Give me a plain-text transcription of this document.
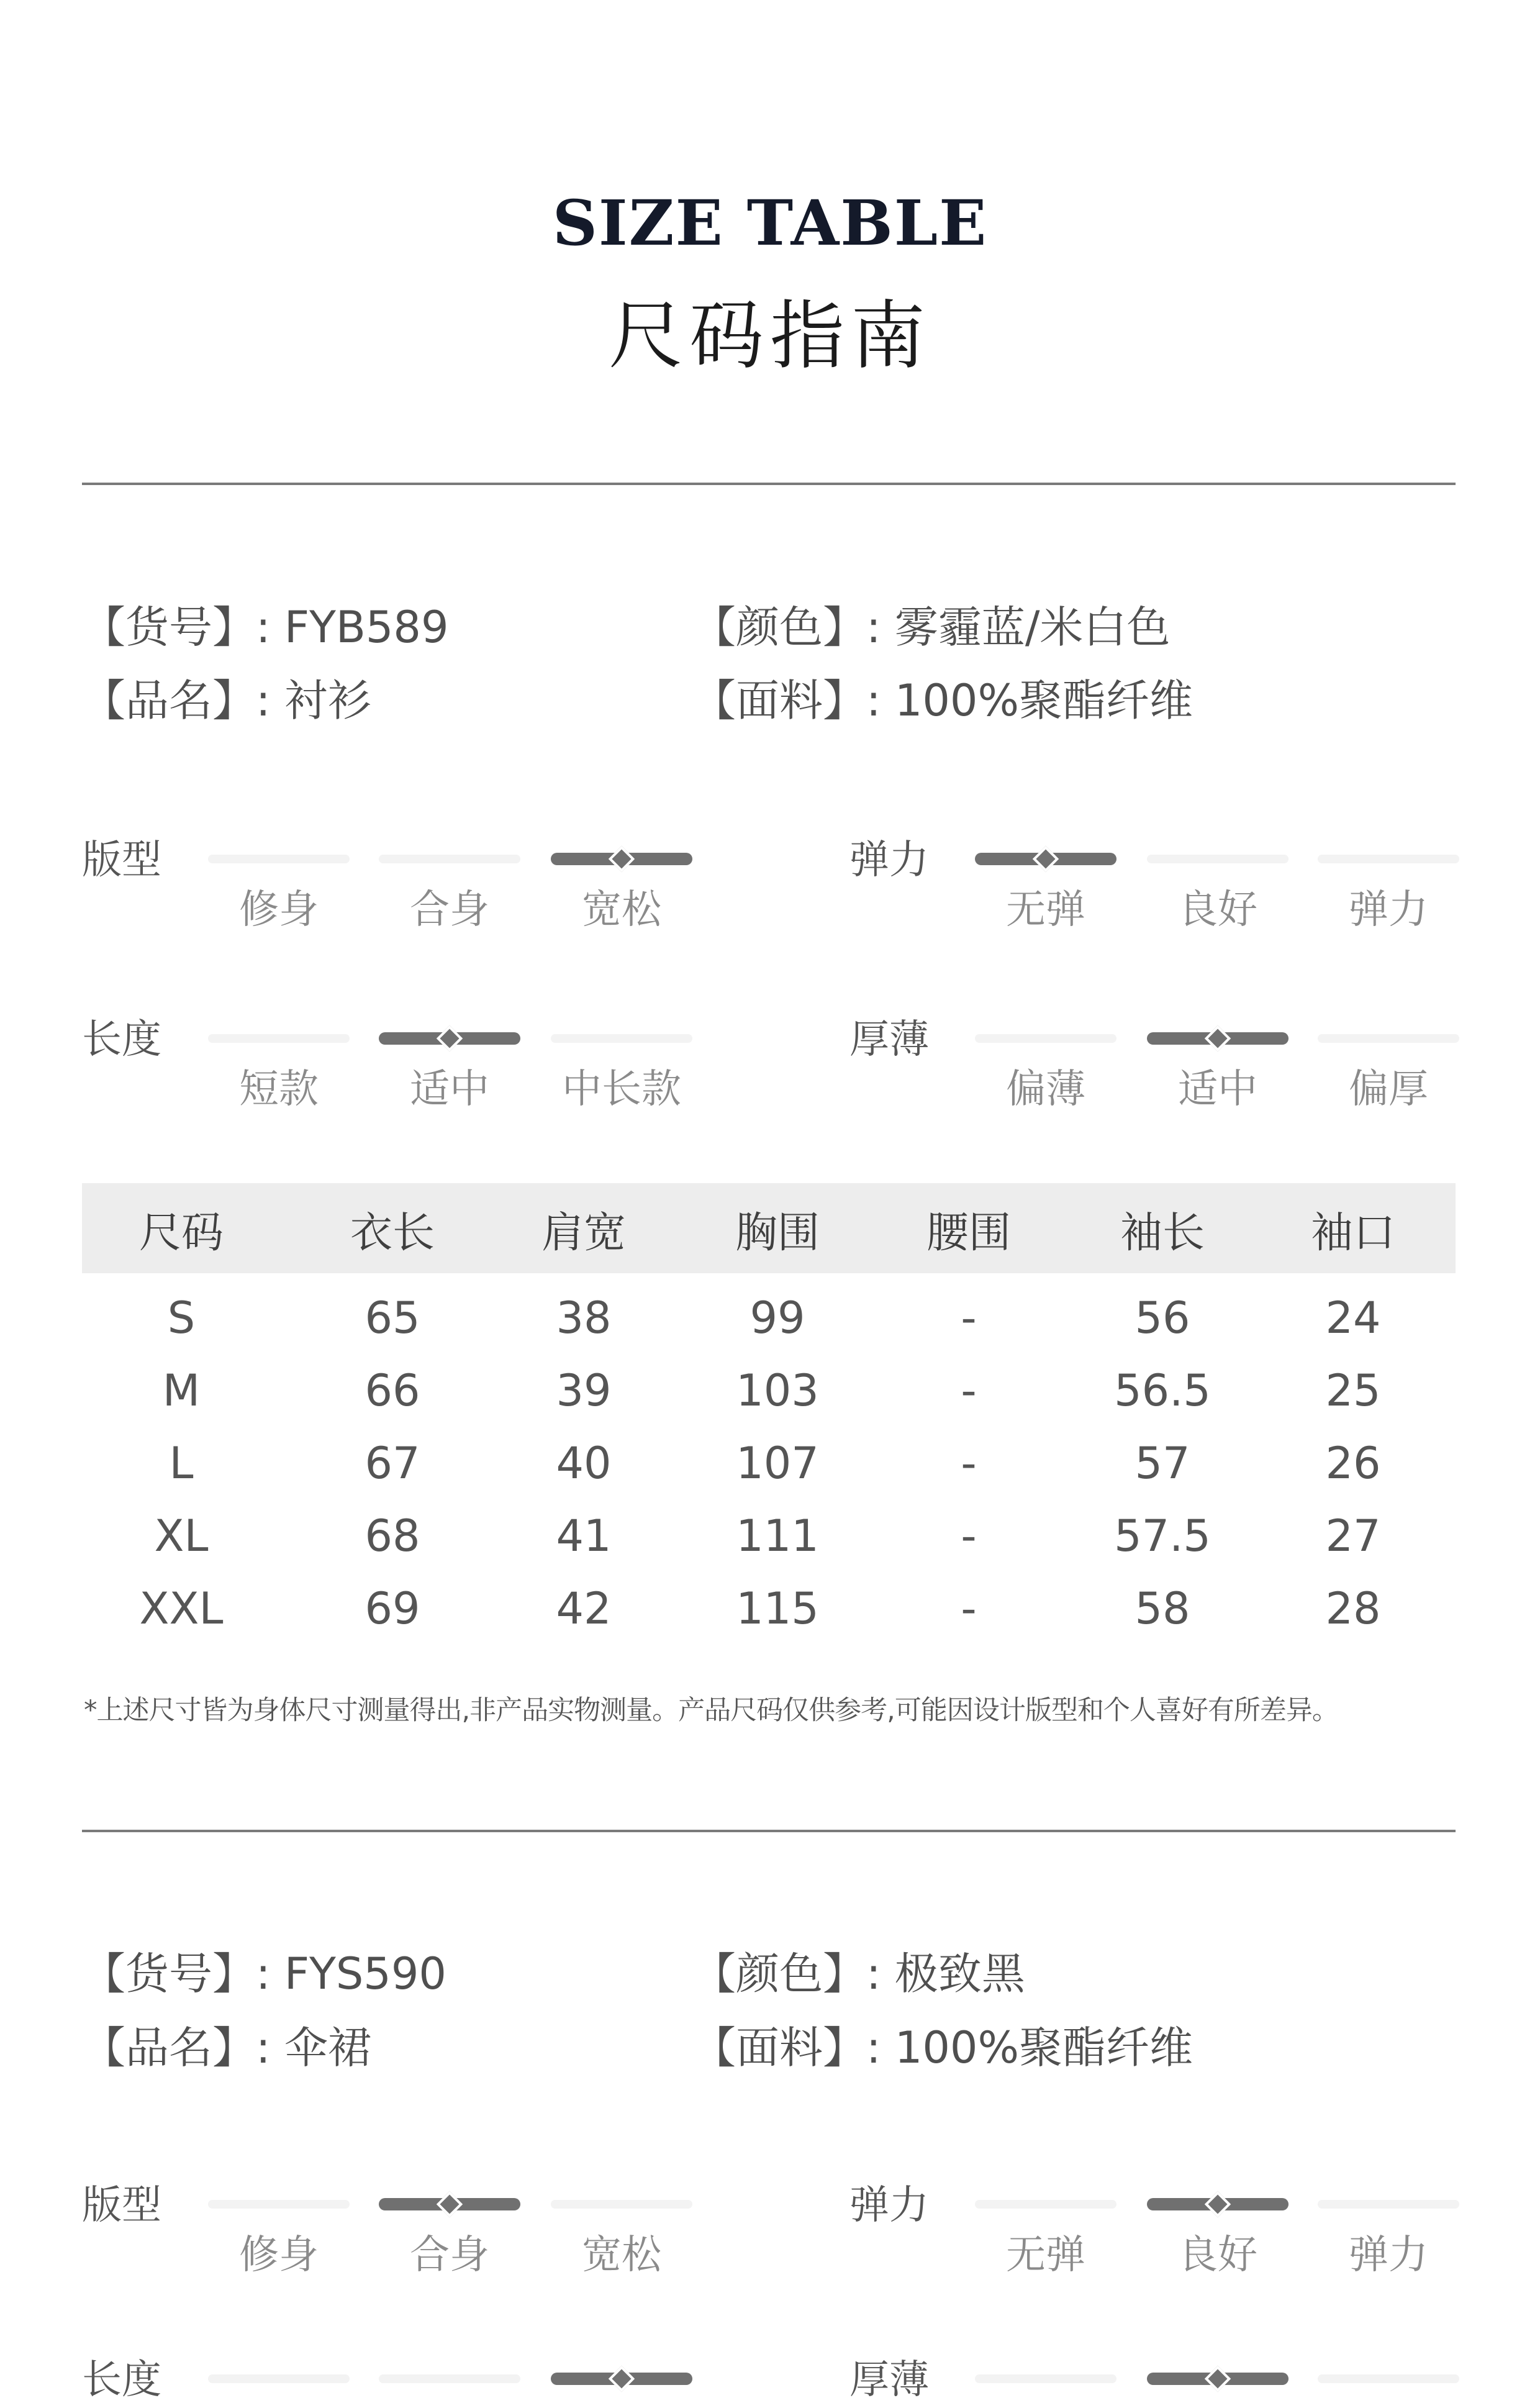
SIZE TABLE
尺码指南
【货号】: FYB589
【品名】: 衬衫
【颜色】: 雾霾蓝/米白色
【面料】: 100%聚酯纤维
版型
修身	合身	宽松
弹力
无弹	良好	弹力
长度
短款	适中	中长款
厚薄
偏薄	适中	偏厚
尺码	衣长	肩宽	胸围	腰围	袖长	袖口
S	65	38	99	-	56	24
M	66	39	103	-	56.5	25
L	67	40	107	-	57	26
XL	68	41	111	-	57.5	27
XXL	69	42	115	-	58	28
*上述尺寸皆为身体尺寸测量得出,非产品实物测量。产品尺码仅供参考,可能因设计版型和个人喜好有所差异。
【货号】: FYS590
【品名】: 伞裙
【颜色】: 极致黑
【面料】: 100%聚酯纤维
版型
修身	合身	宽松
弹力
无弹	良好	弹力
长度	厚薄
